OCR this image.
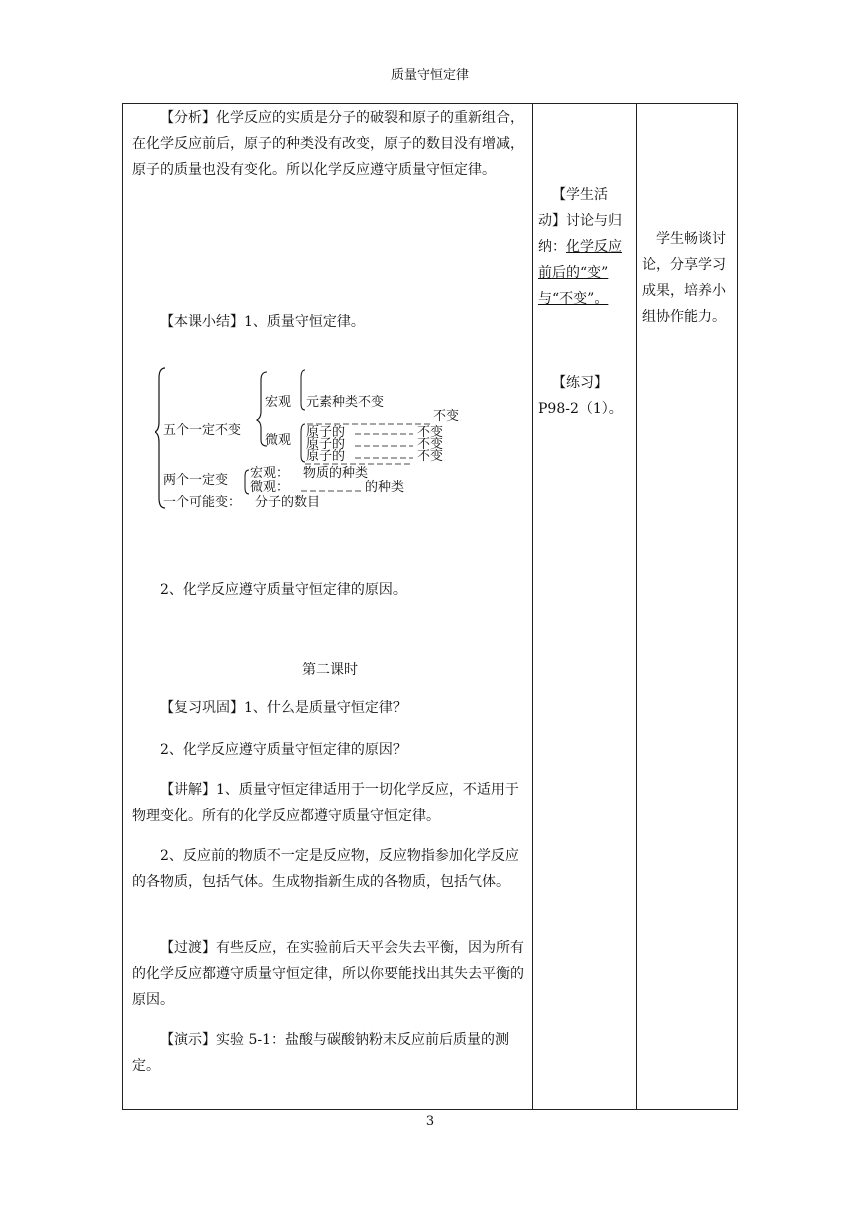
质量守恒定律

【分析】化学反应的实质是分子的破裂和原子的重新组合，在化学反应前后，原子的种类没有改变，原子的数目没有增减，原子的质量也没有变化。所以化学反应遵守质量守恒定律。

【本课小结】1、质量守恒定律。

2、化学反应遵守质量守恒定律的原因。

第二课时

【复习巩固】1、什么是质量守恒定律？

2、化学反应遵守质量守恒定律的原因？

【讲解】1、质量守恒定律适用于一切化学反应，不适用于物理变化。所有的化学反应都遵守质量守恒定律。

2、反应前的物质不一定是反应物，反应物指参加化学反应的各物质，包括气体。生成物指新生成的各物质，包括气体。

【过渡】有些反应，在实验前后天平会失去平衡，因为所有的化学反应都遵守质量守恒定律，所以你要能找出其失去平衡的原因。

【演示】实验 5-1：盐酸与碳酸钠粉末反应前后质量的测定。

五个一定不变
宏观
微观
元素种类不变
不变
原子的	不变
原子的	不变
原子的	不变
两个一定变 宏观： 物质的种类
微观：	的种类
一个可能变： 分子的数目
【学生活
动】讨论与归
纳：化学反应
前后的“变”
与“不变”。
【练习】
P98-2（1）。
学生畅谈讨论，分享学习成果，培养小组协作能力。
3
